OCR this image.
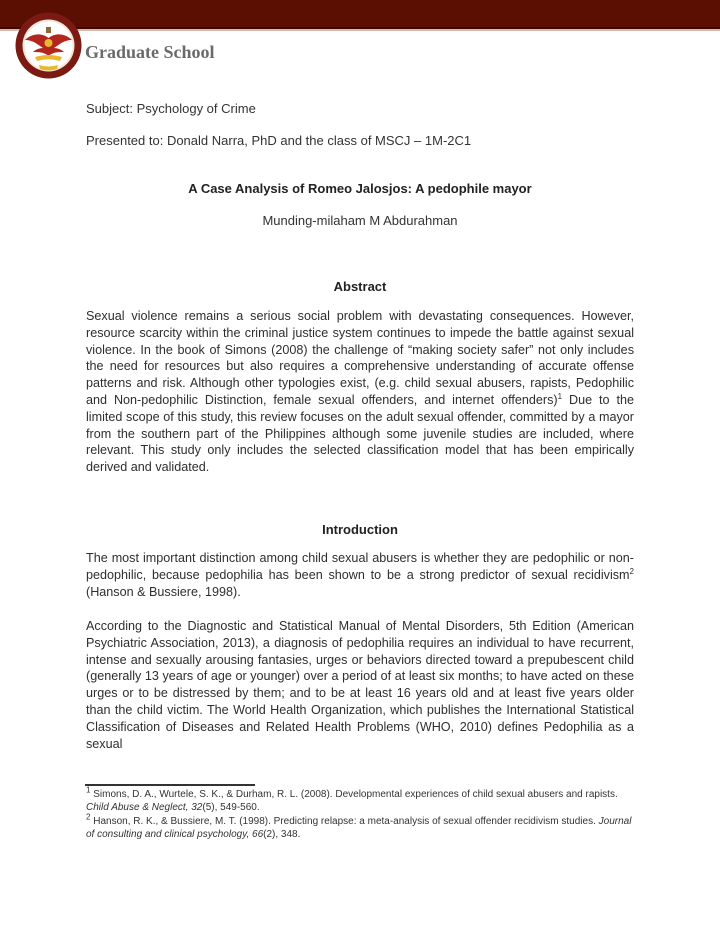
Graduate School
Subject: Psychology of Crime
Presented to: Donald Narra, PhD and the class of MSCJ – 1M-2C1
A Case Analysis of Romeo Jalosjos: A pedophile mayor
Munding-milaham M Abdurahman
Abstract

Sexual violence remains a serious social problem with devastating consequences. However, resource scarcity within the criminal justice system continues to impede the battle against sexual violence. In the book of Simons (2008) the challenge of “making society safer” not only includes the need for resources but also requires a comprehensive understanding of accurate offense patterns and risk. Although other typologies exist, (e.g. child sexual abusers, rapists, Pedophilic and Non-pedophilic Distinction, female sexual offenders, and internet offenders)$^1$ Due to the limited scope of this study, this review focuses on the adult sexual offender, committed by a mayor from the southern part of the Philippines although some juvenile studies are included, where relevant. This study only includes the selected classification model that has been empirically derived and validated.

Introduction

The most important distinction among child sexual abusers is whether they are pedophilic or non-pedophilic, because pedophilia has been shown to be a strong predictor of sexual recidivism$^2$ (Hanson & Bussiere, 1998).

According to the Diagnostic and Statistical Manual of Mental Disorders, 5th Edition (American Psychiatric Association, 2013), a diagnosis of pedophilia requires an individual to have recurrent, intense and sexually arousing fantasies, urges or behaviors directed toward a prepubescent child (generally 13 years of age or younger) over a period of at least six months; to have acted on these urges or to be distressed by them; and to be at least 16 years old and at least five years older than the child victim. The World Health Organization, which publishes the International Statistical Classification of Diseases and Related Health Problems (WHO, 2010) defines Pedophilia as a sexual

$^1$ Simons, D. A., Wurtele, S. K., & Durham, R. L. (2008). Developmental experiences of child sexual abusers and rapists. Child Abuse & Neglect, 32(5), 549-560.

$^2$ Hanson, R. K., & Bussiere, M. T. (1998). Predicting relapse: a meta-analysis of sexual offender recidivism studies. Journal of consulting and clinical psychology, 66(2), 348.
